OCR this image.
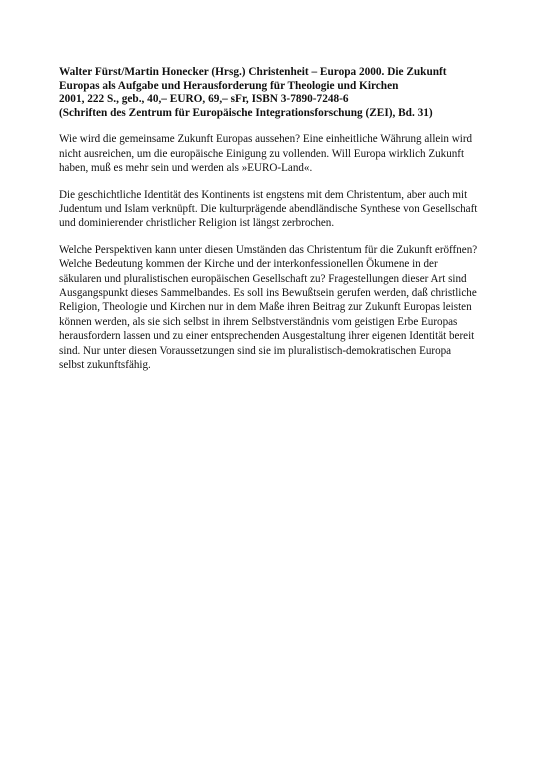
Walter Fürst/Martin Honecker (Hrsg.) Christenheit – Europa 2000. Die Zukunft
Europas als Aufgabe und Herausforderung für Theologie und Kirchen
2001, 222 S., geb., 40,– EURO, 69,– sFr, ISBN 3-7890-7248-6
(Schriften des Zentrum für Europäische Integrationsforschung (ZEI), Bd. 31)

Wie wird die gemeinsame Zukunft Europas aussehen? Eine einheitliche Währung allein wird
nicht ausreichen, um die europäische Einigung zu vollenden. Will Europa wirklich Zukunft
haben, muß es mehr sein und werden als »EURO-Land«.

Die geschichtliche Identität des Kontinents ist engstens mit dem Christentum, aber auch mit
Judentum und Islam verknüpft. Die kulturprägende abendländische Synthese von Gesellschaft
und dominierender christlicher Religion ist längst zerbrochen.

Welche Perspektiven kann unter diesen Umständen das Christentum für die Zukunft eröffnen?
Welche Bedeutung kommen der Kirche und der interkonfessionellen Ökumene in der
säkularen und pluralistischen europäischen Gesellschaft zu? Fragestellungen dieser Art sind
Ausgangspunkt dieses Sammelbandes. Es soll ins Bewußtsein gerufen werden, daß christliche
Religion, Theologie und Kirchen nur in dem Maße ihren Beitrag zur Zukunft Europas leisten
können werden, als sie sich selbst in ihrem Selbstverständnis vom geistigen Erbe Europas
herausfordern lassen und zu einer entsprechenden Ausgestaltung ihrer eigenen Identität bereit
sind. Nur unter diesen Voraussetzungen sind sie im pluralistisch-demokratischen Europa
selbst zukunftsfähig.
